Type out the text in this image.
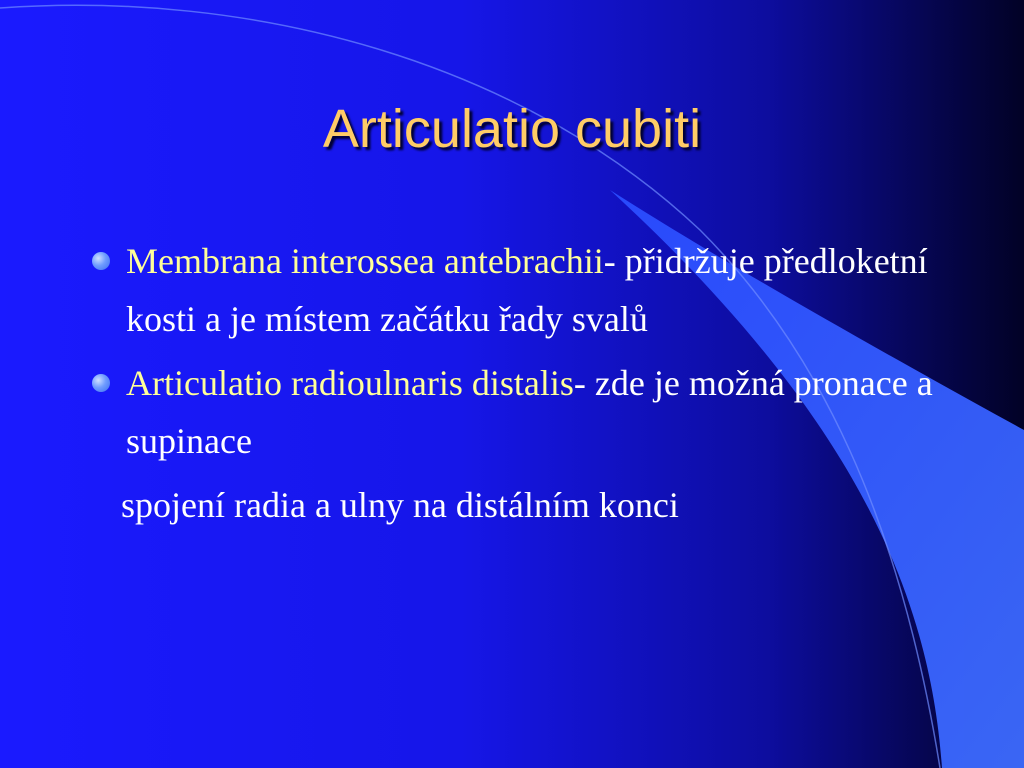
Articulatio cubiti
Membrana interossea antebrachii- přidržuje předloketní kosti a je místem začátku řady svalů
Articulatio radioulnaris distalis- zde je možná pronace a supinace
spojení radia a ulny na distálním konci
